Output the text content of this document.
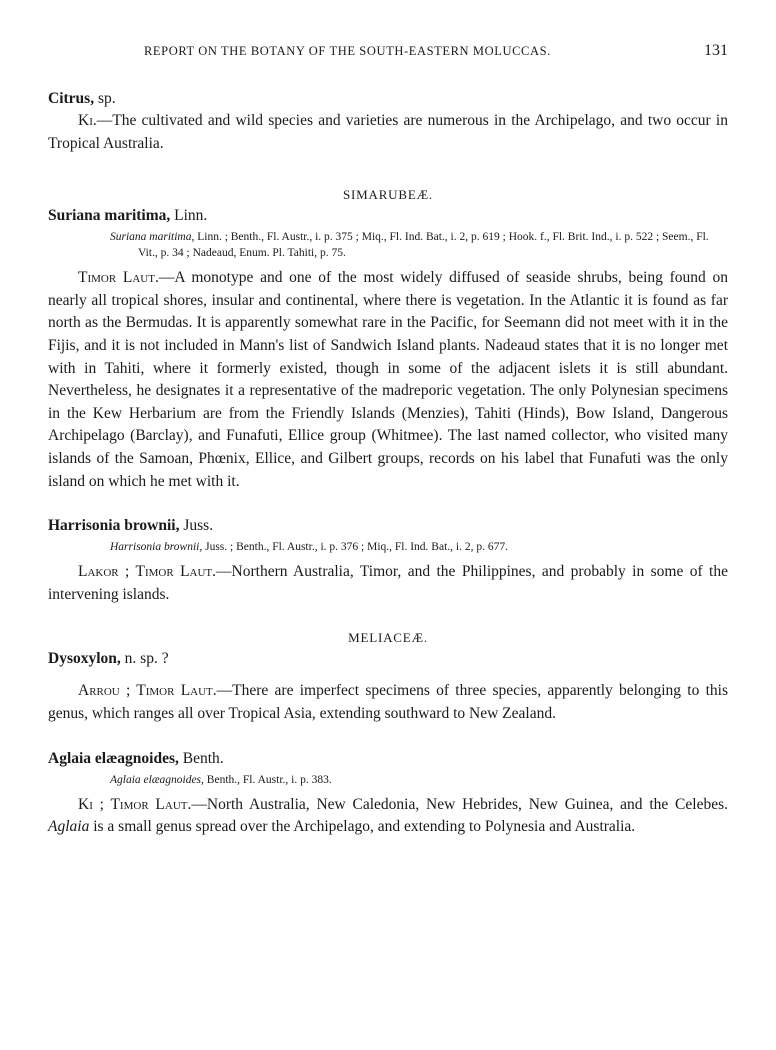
REPORT ON THE BOTANY OF THE SOUTH-EASTERN MOLUCCAS.	131

Citrus, sp.

Ki.—The cultivated and wild species and varieties are numerous in the Archipelago, and two occur in Tropical Australia.

SIMARUBEÆ.

Suriana maritima, Linn.

Suriana maritima, Linn. ; Benth., Fl. Austr., i. p. 375 ; Miq., Fl. Ind. Bat., i. 2, p. 619 ; Hook. f., Fl. Brit. Ind., i. p. 522 ; Seem., Fl. Vit., p. 34 ; Nadeaud, Enum. Pl. Tahiti, p. 75.

Timor Laut.—A monotype and one of the most widely diffused of seaside shrubs, being found on nearly all tropical shores, insular and continental, where there is vegetation. In the Atlantic it is found as far north as the Bermudas. It is apparently somewhat rare in the Pacific, for Seemann did not meet with it in the Fijis, and it is not included in Mann's list of Sandwich Island plants. Nadeaud states that it is no longer met with in Tahiti, where it formerly existed, though in some of the adjacent islets it is still abundant. Nevertheless, he designates it a representative of the madreporic vegetation. The only Polynesian specimens in the Kew Herbarium are from the Friendly Islands (Menzies), Tahiti (Hinds), Bow Island, Dangerous Archipelago (Barclay), and Funafuti, Ellice group (Whitmee). The last named collector, who visited many islands of the Samoan, Phœnix, Ellice, and Gilbert groups, records on his label that Funafuti was the only island on which he met with it.

Harrisonia brownii, Juss.

Harrisonia brownii, Juss. ; Benth., Fl. Austr., i. p. 376 ; Miq., Fl. Ind. Bat., i. 2, p. 677.

Lakor ; Timor Laut.—Northern Australia, Timor, and the Philippines, and probably in some of the intervening islands.

MELIACEÆ.

Dysoxylon, n. sp. ?

Arrou ; Timor Laut.—There are imperfect specimens of three species, apparently belonging to this genus, which ranges all over Tropical Asia, extending southward to New Zealand.

Aglaia elæagnoides, Benth.

Aglaia elæagnoides, Benth., Fl. Austr., i. p. 383.

Ki ; Timor Laut.—North Australia, New Caledonia, New Hebrides, New Guinea, and the Celebes. Aglaia is a small genus spread over the Archipelago, and extending to Polynesia and Australia.
